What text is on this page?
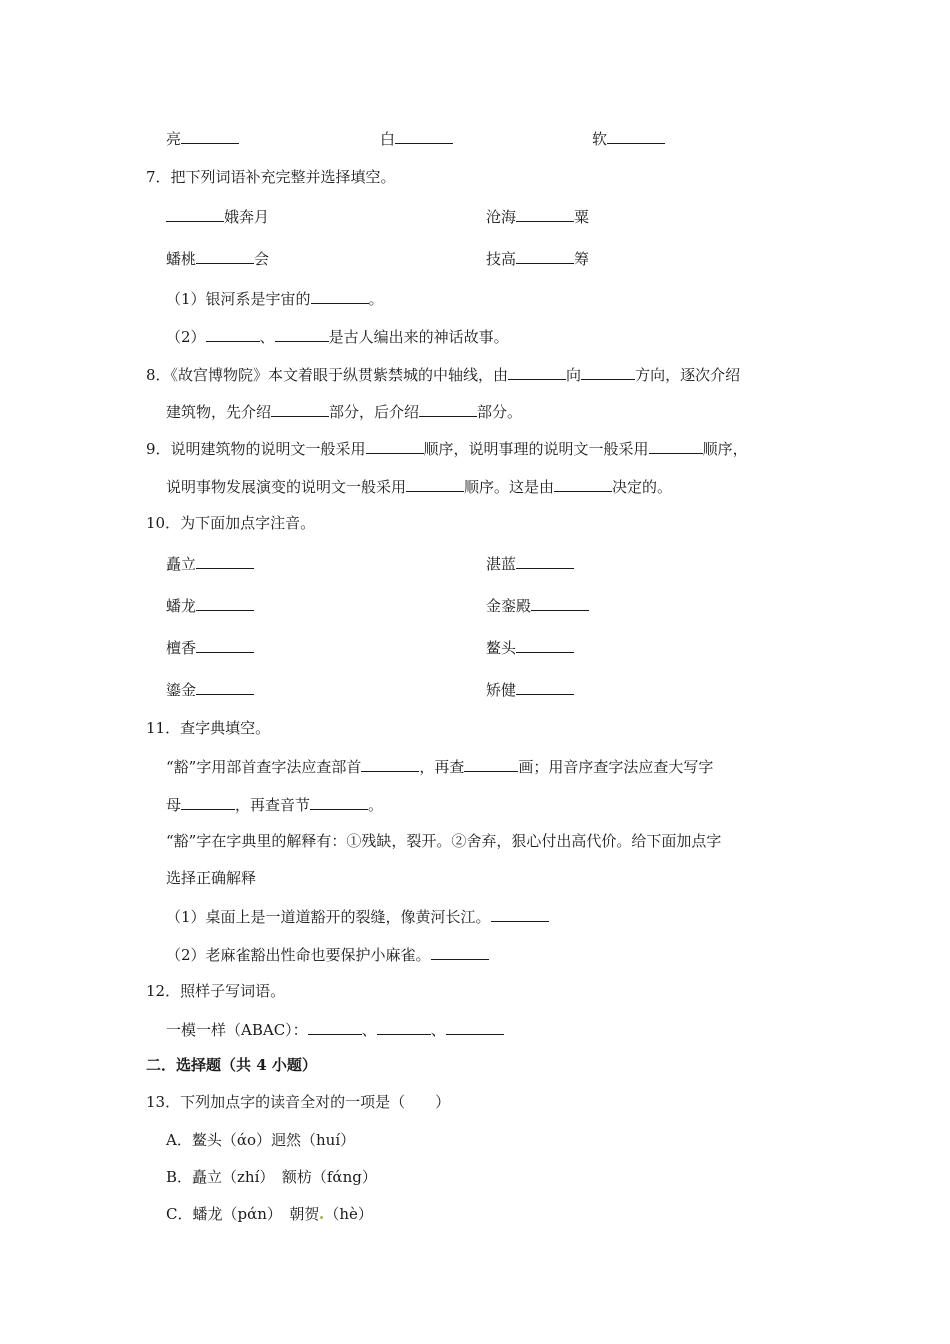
亮	白	软
7．把下列词语补充完整并选择填空。
娥奔月	沧海	粟
蟠桃	会	技高	筹
（1）银河系是宇宙的	。
（2）	、	是古人编出来的神话故事。
8．《故宫博物院》本文着眼于纵贯紫禁城的中轴线，由	向	方向，逐次介绍
建筑物，先介绍	部分，后介绍	部分。
9．说明建筑物的说明文一般采用	顺序，说明事理的说明文一般采用	顺序，
说明事物发展演变的说明文一般采用	顺序。这是由	决定的。
10．为下面加点字注音。
矗立	湛蓝
蟠龙	金銮殿
檀香	鳌头
鎏金	矫健
11．查字典填空。
“豁”字用部首查字法应查部首	，再查	画；用音序查字法应查大写字
母	，再查音节	。
“豁”字在字典里的解释有：①残缺，裂开。②舍弃，狠心付出高代价。给下面加点字
选择正确解释
（1）桌面上是一道道豁开的裂缝，像黄河长江。
（2）老麻雀豁出性命也要保护小麻雀。
12．照样子写词语。
一模一样（ABAC）：	、	、
二．选择题（共 4 小题）
13．下列加点字的读音全对的一项是（　　）
A．鳌头（άo）迥然（huí）
B．矗立（zhí）　额枋（fάng）
C．蟠龙（pάn）　朝贺 （hè）
